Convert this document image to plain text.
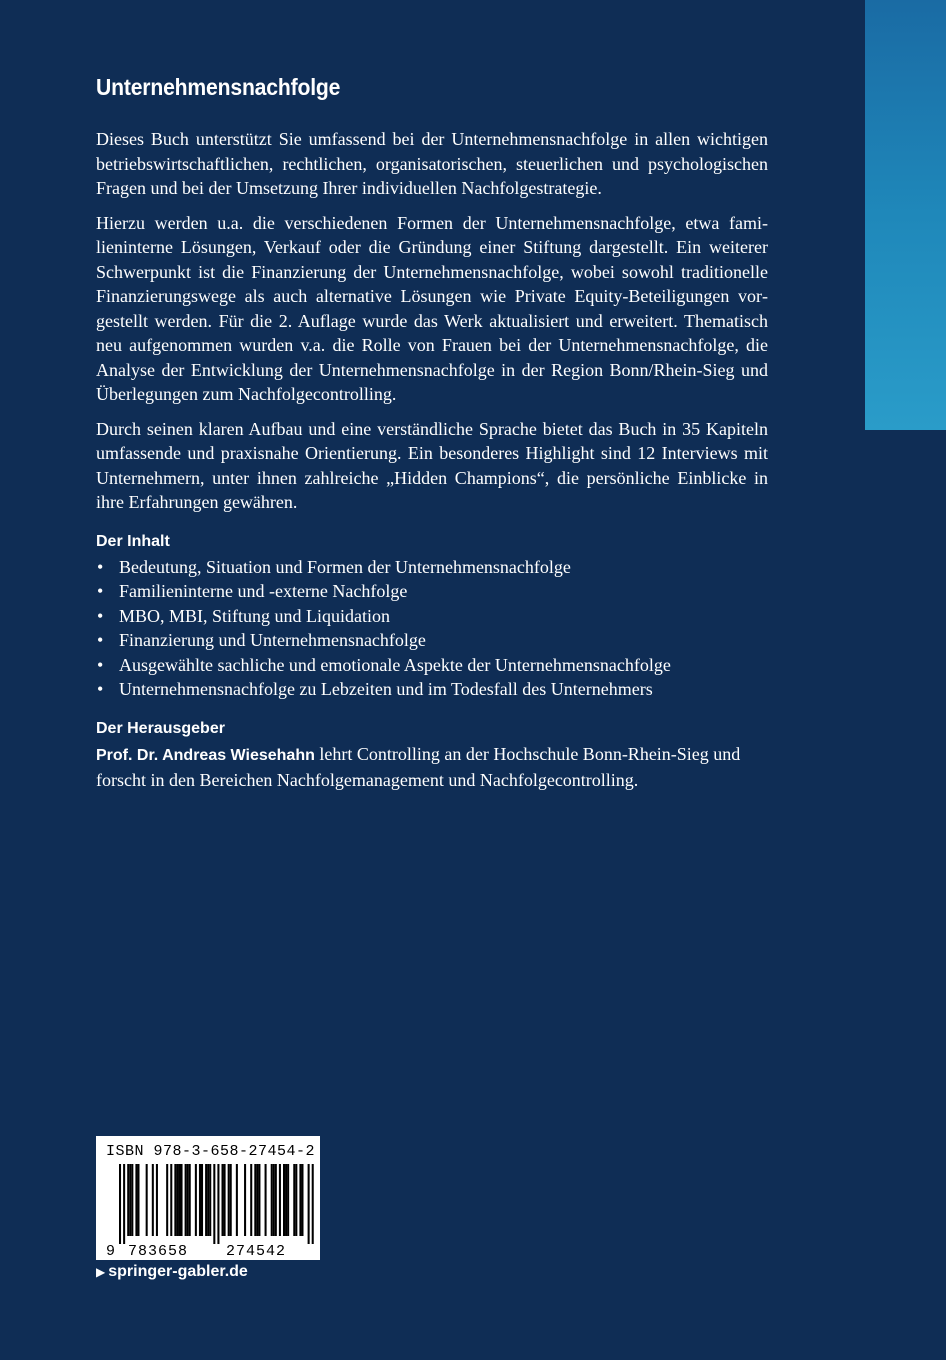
Unternehmensnachfolge

Dieses Buch unterstützt Sie umfassend bei der Unternehmensnachfolge in allen wichtigen betriebswirtschaftlichen, rechtlichen, organisatorischen, steuerlichen und psychologischen Fragen und bei der Umsetzung Ihrer individuellen Nachfolgestrategie.

Hierzu werden u.a. die verschiedenen Formen der Unternehmensnachfolge, etwa familieninterne Lösungen, Verkauf oder die Gründung einer Stiftung dargestellt. Ein weiterer Schwerpunkt ist die Finanzierung der Unternehmensnachfolge, wobei sowohl traditionelle Finanzierungswege als auch alternative Lösungen wie Private Equity-Beteiligungen vorgestellt werden. Für die 2. Auflage wurde das Werk aktualisiert und erweitert. Thematisch neu aufgenommen wurden v.a. die Rolle von Frauen bei der Unternehmensnachfolge, die Analyse der Entwicklung der Unternehmensnachfolge in der Region Bonn/Rhein-Sieg und Überlegungen zum Nachfolgecontrolling.

Durch seinen klaren Aufbau und eine verständliche Sprache bietet das Buch in 35 Kapiteln umfassende und praxisnahe Orientierung. Ein besonderes Highlight sind 12 Interviews mit Unternehmern, unter ihnen zahlreiche „Hidden Champions“, die persönliche Einblicke in ihre Erfahrungen gewähren.

Der Inhalt
• Bedeutung, Situation und Formen der Unternehmensnachfolge
• Familieninterne und -externe Nachfolge
• MBO, MBI, Stiftung und Liquidation
• Finanzierung und Unternehmensnachfolge
• Ausgewählte sachliche und emotionale Aspekte der Unternehmensnachfolge
• Unternehmensnachfolge zu Lebzeiten und im Todesfall des Unternehmers
Der Herausgeber

Prof. Dr. Andreas Wiesehahn lehrt Controlling an der Hochschule Bonn-Rhein-Sieg und forscht in den Bereichen Nachfolgemanagement und Nachfolgecontrolling.

ISBN 978-3-658-27454-2
9 783658	274542
▶ springer-gabler.de
